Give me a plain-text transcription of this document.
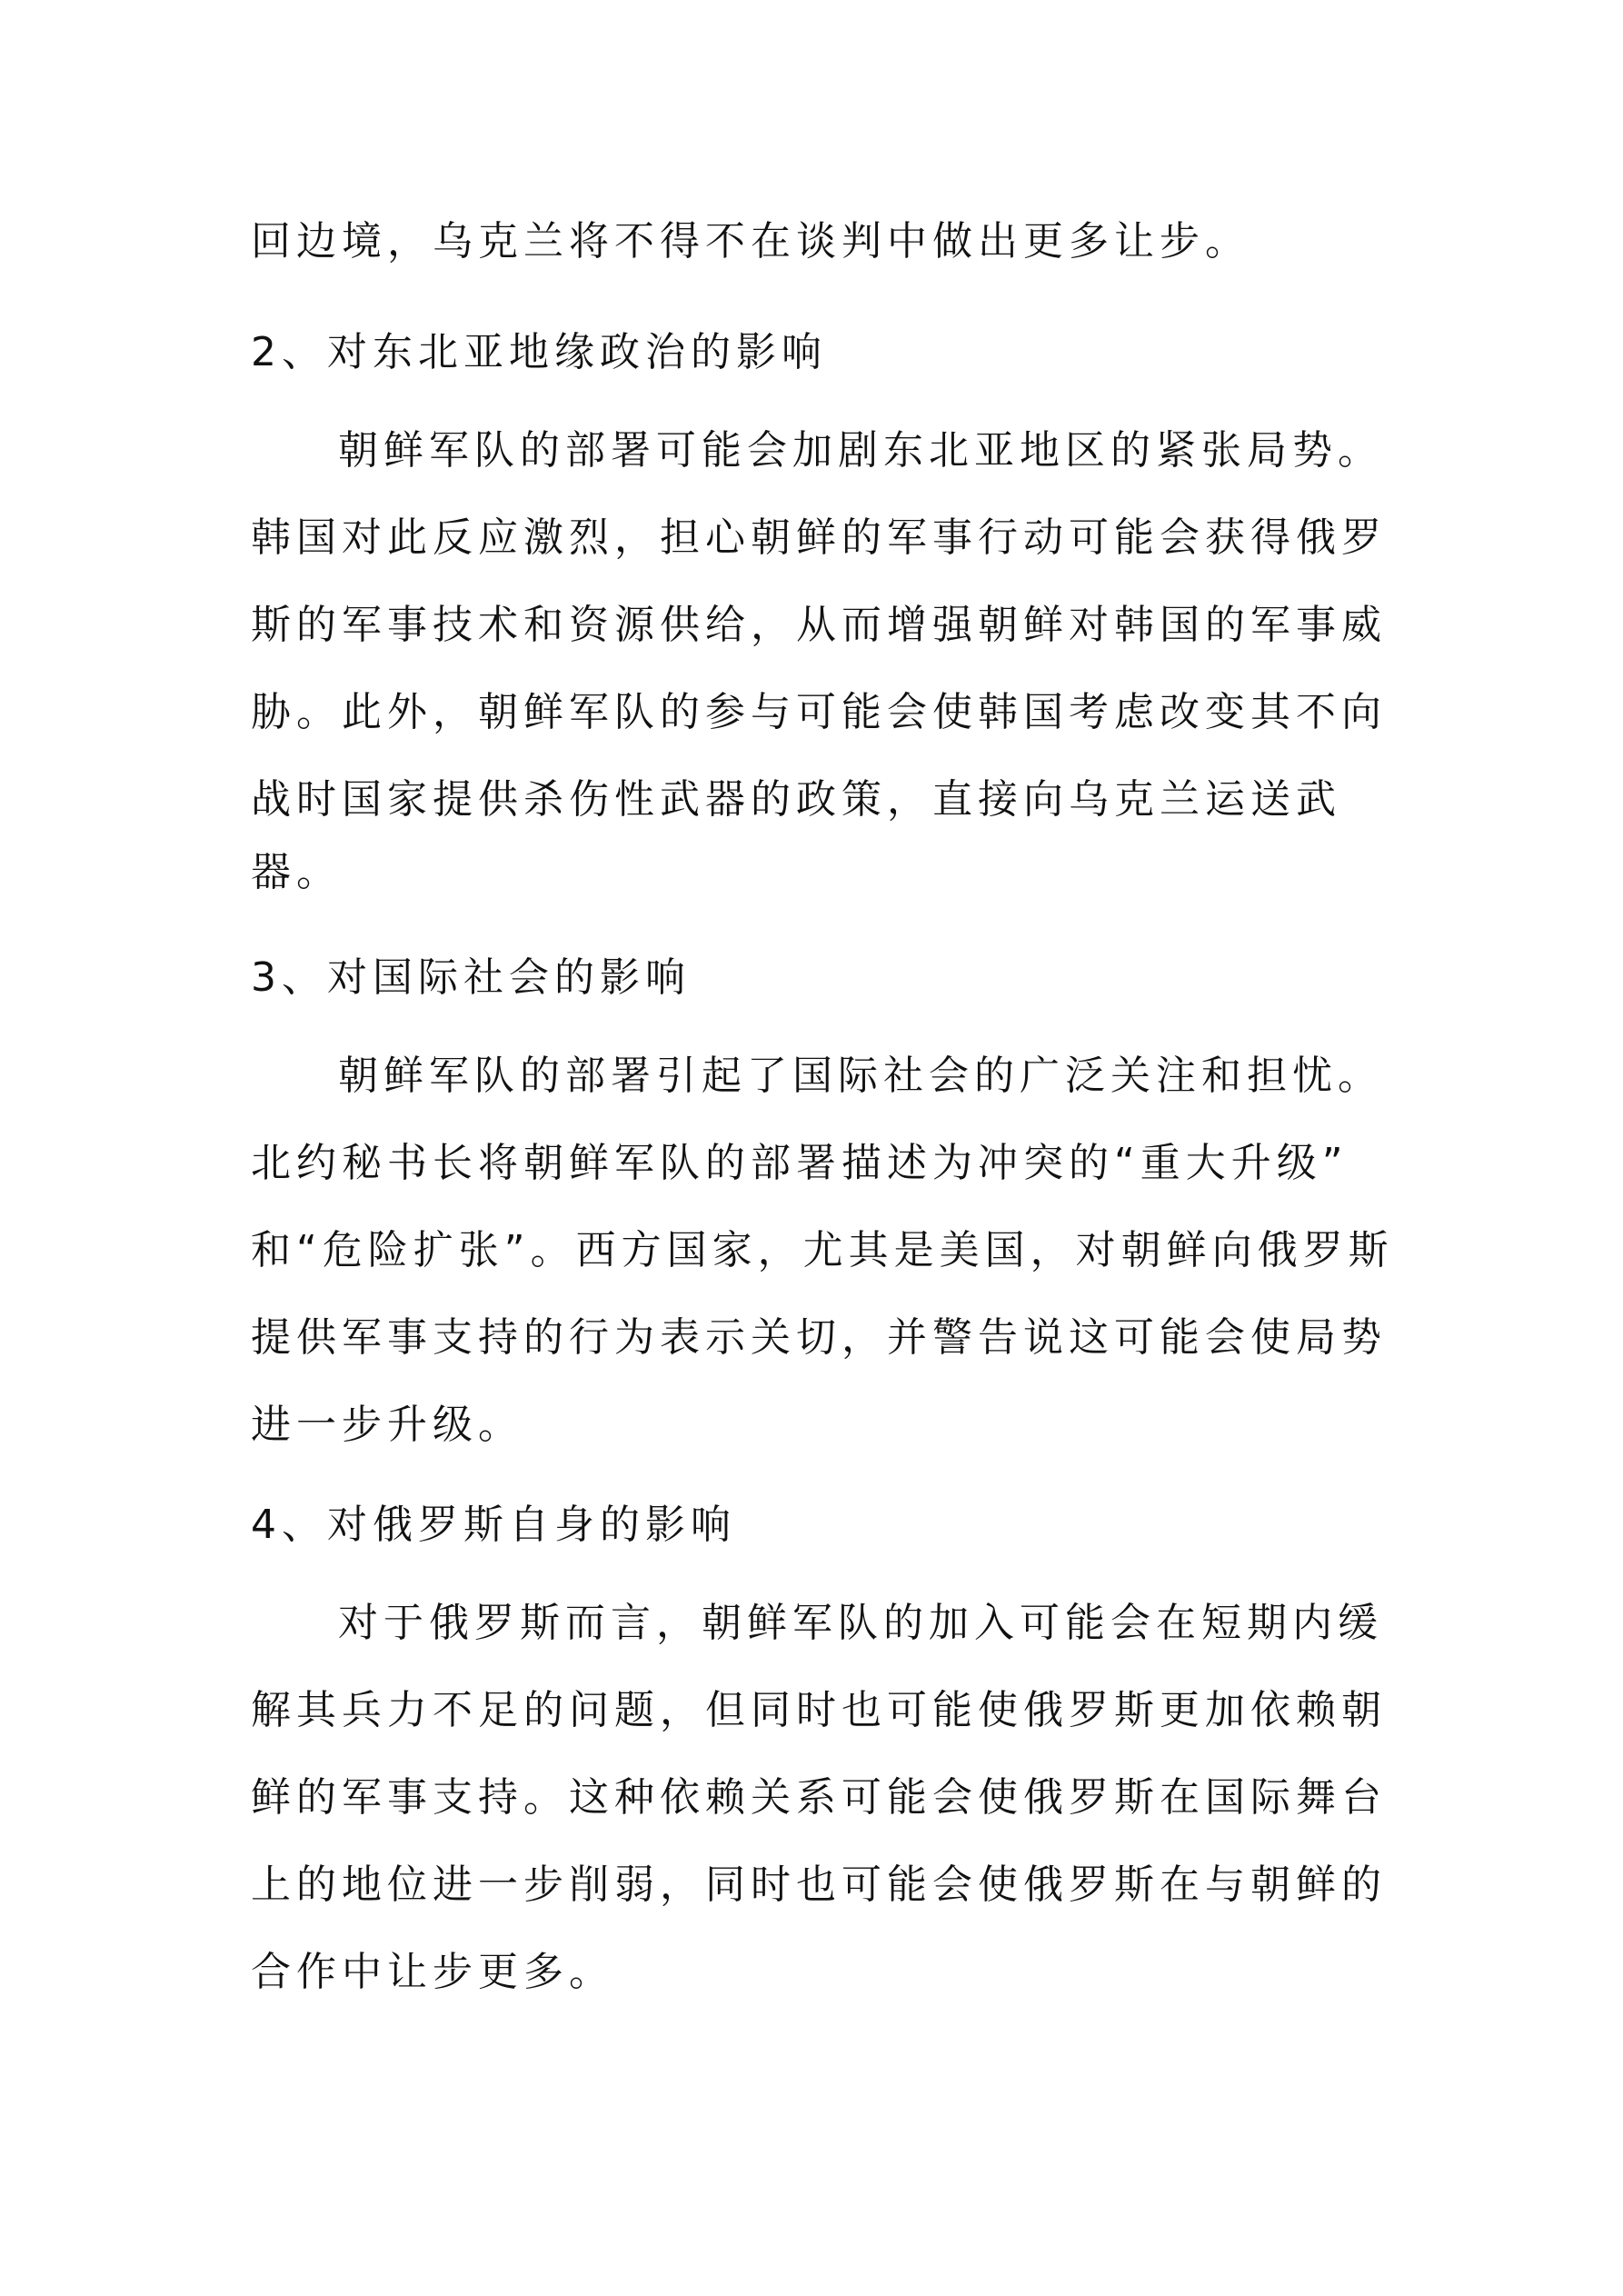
回边境，乌克兰将不得不在谈判中做出更多让步。

2、对东北亚地缘政治的影响

朝鲜军队的部署可能会加剧东北亚地区的紧张局势。

韩国对此反应激烈，担心朝鲜的军事行动可能会获得俄罗

斯的军事技术和资源供给，从而增强朝鲜对韩国的军事威

胁。此外，朝鲜军队的参与可能会使韩国考虑改变其不向

战时国家提供杀伤性武器的政策，直接向乌克兰运送武

器。

3、对国际社会的影响

朝鲜军队的部署引起了国际社会的广泛关注和担忧。

北约秘书长将朝鲜军队的部署描述为冲突的“重大升级”

和“危险扩张”。西方国家，尤其是美国，对朝鲜向俄罗斯

提供军事支持的行为表示关切，并警告说这可能会使局势

进一步升级。

4、对俄罗斯自身的影响

对于俄罗斯而言，朝鲜军队的加入可能会在短期内缓

解其兵力不足的问题，但同时也可能使俄罗斯更加依赖朝

鲜的军事支持。这种依赖关系可能会使俄罗斯在国际舞台

上的地位进一步削弱，同时也可能会使俄罗斯在与朝鲜的

合作中让步更多。
